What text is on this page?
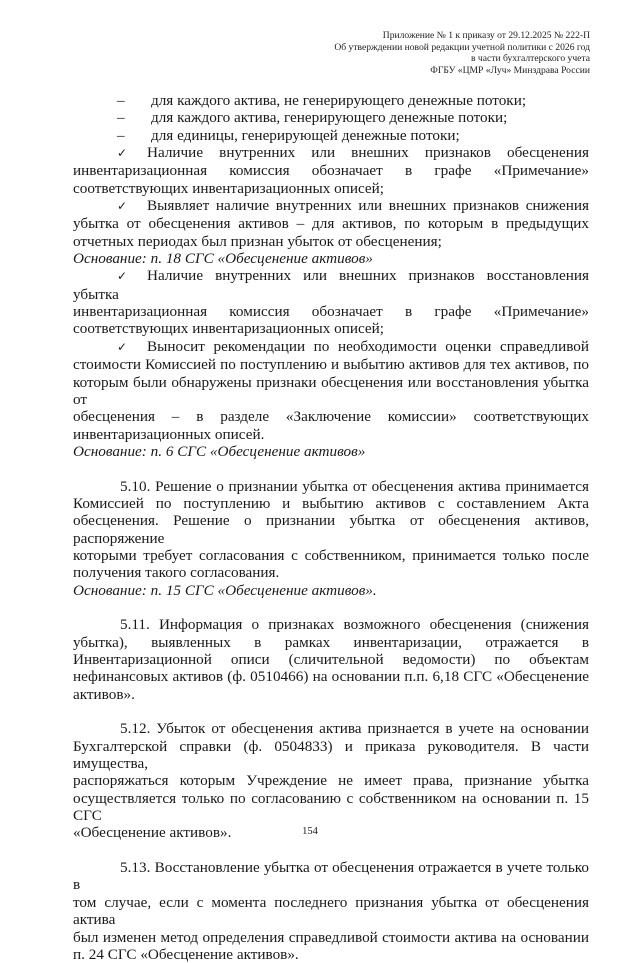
Приложение № 1 к приказу от 29.12.2025 № 222-П
Об утверждении новой редакции учетной политики с 2026 год
в части бухгалтерского учета
ФГБУ «ЦМР «Луч» Минздрава России
–	для каждого актива, не генерирующего денежные потоки;
–	для каждого актива, генерирующего денежные потоки;
–	для единицы, генерирующей денежные потоки;
✓ Наличие внутренних или внешних признаков обесценения
инвентаризационная комиссия обозначает в графе «Примечание»
соответствующих инвентаризационных описей;
✓ Выявляет наличие внутренних или внешних признаков снижения
убытка от обесценения активов – для активов, по которым в предыдущих
отчетных периодах был признан убыток от обесценения;
Основание: п. 18 СГС «Обесценение активов»
✓ Наличие внутренних или внешних признаков восстановления убытка
инвентаризационная комиссия обозначает в графе «Примечание»
соответствующих инвентаризационных описей;
✓ Выносит рекомендации по необходимости оценки справедливой
стоимости Комиссией по поступлению и выбытию активов для тех активов, по
которым были обнаружены признаки обесценения или восстановления убытка от
обесценения – в разделе «Заключение комиссии» соответствующих
инвентаризационных описей.
Основание: п. 6 СГС «Обесценение активов»
5.10. Решение о признании убытка от обесценения актива принимается
Комиссией по поступлению и выбытию активов с составлением Акта
обесценения. Решение о признании убытка от обесценения активов, распоряжение
которыми требует согласования с собственником, принимается только после
получения такого согласования.
Основание: п. 15 СГС «Обесценение активов».
5.11. Информация о признаках возможного обесценения (снижения
убытка), выявленных в рамках инвентаризации, отражается в
Инвентаризационной описи (сличительной ведомости) по объектам
нефинансовых активов (ф. 0510466) на основании п.п. 6,18 СГС «Обесценение
активов».
5.12. Убыток от обесценения актива признается в учете на основании
Бухгалтерской справки (ф. 0504833) и приказа руководителя. В части имущества,
распоряжаться которым Учреждение не имеет права, признание убытка
осуществляется только по согласованию с собственником на основании п. 15 СГС
«Обесценение активов».
5.13. Восстановление убытка от обесценения отражается в учете только в
том случае, если с момента последнего признания убытка от обесценения актива
был изменен метод определения справедливой стоимости актива на основании
п. 24 СГС «Обесценение активов».
154
